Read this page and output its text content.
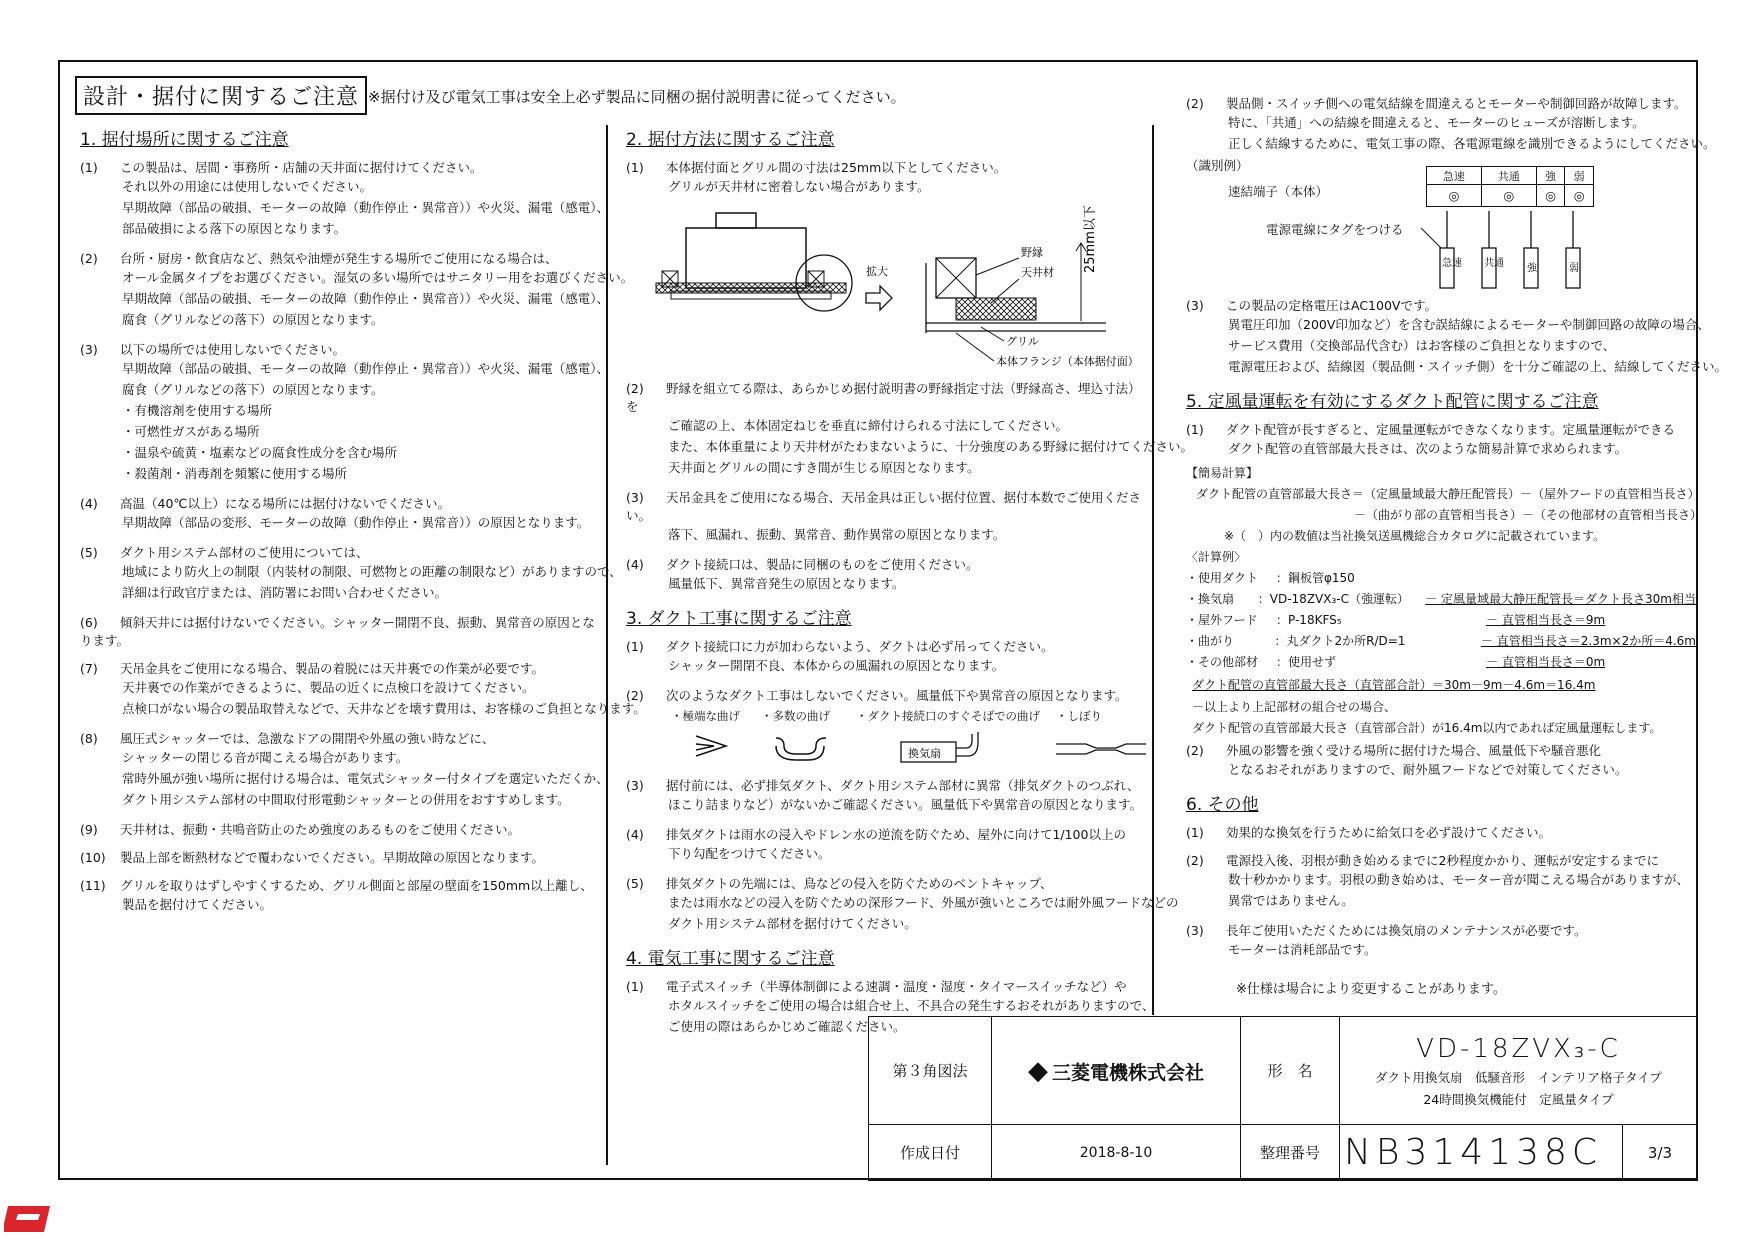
設計・据付に関するご注意 ※据付け及び電気工事は安全上必ず製品に同梱の据付説明書に従ってください。
1. 据付場所に関するご注意
(1) この製品は、居間・事務所・店舗の天井面に据付けてください。
それ以外の用途には使用しないでください。
早期故障（部品の破損、モーターの故障（動作停止・異常音））や火災、漏電（感電）、
部品破損による落下の原因となります。
(2) 台所・厨房・飲食店など、熱気や油煙が発生する場所でご使用になる場合は、
オール金属タイプをお選びください。湿気の多い場所ではサニタリー用をお選びください。
早期故障（部品の破損、モーターの故障（動作停止・異常音））や火災、漏電（感電）、
腐食（グリルなどの落下）の原因となります。
(3) 以下の場所では使用しないでください。
早期故障（部品の破損、モーターの故障（動作停止・異常音））や火災、漏電（感電）、
腐食（グリルなどの落下）の原因となります。
・有機溶剤を使用する場所
・可燃性ガスがある場所
・温泉や硫黄・塩素などの腐食性成分を含む場所
・殺菌剤・消毒剤を頻繁に使用する場所
(4) 高温（40℃以上）になる場所には据付けないでください。
早期故障（部品の変形、モーターの故障（動作停止・異常音））の原因となります。
(5) ダクト用システム部材のご使用については、
地域により防火上の制限（内装材の制限、可燃物との距離の制限など）がありますので、
詳細は行政官庁または、消防署にお問い合わせください。
(6) 傾斜天井には据付けないでください。シャッター開閉不良、振動、異常音の原因となります。
(7) 天吊金具をご使用になる場合、製品の着脱には天井裏での作業が必要です。
天井裏での作業ができるように、製品の近くに点検口を設けてください。
点検口がない場合の製品取替えなどで、天井などを壊す費用は、お客様のご負担となります。
(8) 風圧式シャッターでは、急激なドアの開閉や外風の強い時などに、
シャッターの閉じる音が聞こえる場合があります。
常時外風が強い場所に据付ける場合は、電気式シャッター付タイプを選定いただくか、
ダクト用システム部材の中間取付形電動シャッターとの併用をおすすめします。
(9) 天井材は、振動・共鳴音防止のため強度のあるものをご使用ください。
(10) 製品上部を断熱材などで覆わないでください。早期故障の原因となります。
(11) グリルを取りはずしやすくするため、グリル側面と部屋の壁面を150mm以上離し、
製品を据付けてください。
2. 据付方法に関するご注意
(1) 本体据付面とグリル間の寸法は25mm以下としてください。
グリルが天井材に密着しない場合があります。
拡大	25mm以下
野縁
天井材
グリル
本体フランジ（本体据付面）
(2) 野縁を組立てる際は、あらかじめ据付説明書の野縁指定寸法（野縁高さ、埋込寸法）を
ご確認の上、本体固定ねじを垂直に締付けられる寸法にしてください。
また、本体重量により天井材がたわまないように、十分強度のある野縁に据付けてください。
天井面とグリルの間にすき間が生じる原因となります。
(3) 天吊金具をご使用になる場合、天吊金具は正しい据付位置、据付本数でご使用ください。
落下、風漏れ、振動、異常音、動作異常の原因となります。
(4) ダクト接続口は、製品に同梱のものをご使用ください。
風量低下、異常音発生の原因となります。
3. ダクト工事に関するご注意
(1) ダクト接続口に力が加わらないよう、ダクトは必ず吊ってください。
シャッター開閉不良、本体からの風漏れの原因となります。
(2) 次のようなダクト工事はしないでください。風量低下や異常音の原因となります。
・極端な曲げ ・多数の曲げ ・ダクト接続口のすぐそばでの曲げ ・しぼり
換気扇
(3) 据付前には、必ず排気ダクト、ダクト用システム部材に異常（排気ダクトのつぶれ、
ほこり詰まりなど）がないかご確認ください。風量低下や異常音の原因となります。
(4) 排気ダクトは雨水の浸入やドレン水の逆流を防ぐため、屋外に向けて1/100以上の
下り勾配をつけてください。
(5) 排気ダクトの先端には、鳥などの侵入を防ぐためのベントキャップ、
または雨水などの浸入を防ぐための深形フード、外風が強いところでは耐外風フードなどの
ダクト用システム部材を据付けてください。
4. 電気工事に関するご注意
(1) 電子式スイッチ（半導体制御による速調・温度・湿度・タイマースイッチなど）や
ホタルスイッチをご使用の場合は組合せ上、不具合の発生するおそれがありますので、
ご使用の際はあらかじめご確認ください。
(2) 製品側・スイッチ側への電気結線を間違えるとモーターや制御回路が故障します。
特に、「共通」への結線を間違えると、モーターのヒューズが溶断します。
正しく結線するために、電気工事の際、各電源電線を識別できるようにしてください。
（識別例）
速結端子（本体）
急速	共通	強	弱
◎	◎	◎	◎
電源電線にタグをつける
急速 共通 強	弱
(3) この製品の定格電圧はAC100Vです。
異電圧印加（200V印加など）を含む誤結線によるモーターや制御回路の故障の場合、
サービス費用（交換部品代含む）はお客様のご負担となりますので、
電源電圧および、結線図（製品側・スイッチ側）を十分ご確認の上、結線してください。
5. 定風量運転を有効にするダクト配管に関するご注意
(1) ダクト配管が長すぎると、定風量運転ができなくなります。定風量運転ができる
ダクト配管の直管部最大長さは、次のような簡易計算で求められます。
【簡易計算】
ダクト配管の直管部最大長さ＝（定風量域最大静圧配管長）－（屋外フードの直管相当長さ）
－（曲がり部の直管相当長さ）－（その他部材の直管相当長さ）
※（　）内の数値は当社換気送風機総合カタログに記載されています。
〈計算例〉
・使用ダクト	：鋼板管φ150
・換気扇	：VD-18ZVX₃-C（強運転）	－ 定風量域最大静圧配管長＝ダクト長さ30m相当
・屋外フード	：P-18KFS₅	－ 直管相当長さ＝9m
・曲がり	：丸ダクト2か所R/D=1	－ 直管相当長さ＝2.3m×2か所＝4.6m
・その他部材	：使用せず	－ 直管相当長さ＝0m
ダクト配管の直管部最大長さ（直管部合計）＝30m－9m－4.6m＝16.4m
－以上より上記部材の組合せの場合、
ダクト配管の直管部最大長さ（直管部合計）が16.4m以内であれば定風量運転します。
(2) 外風の影響を強く受ける場所に据付けた場合、風量低下や騒音悪化
となるおそれがありますので、耐外風フードなどで対策してください。
6. その他
(1) 効果的な換気を行うために給気口を必ず設けてください。
(2) 電源投入後、羽根が動き始めるまでに2秒程度かかり、運転が安定するまでに
数十秒かかります。羽根の動き始めは、モーター音が聞こえる場合がありますが、
異常ではありません。
(3) 長年ご使用いただくためには換気扇のメンテナンスが必要です。
モーターは消耗部品です。
※仕様は場合により変更することがあります。
第３角図法	◆ 三菱電機株式会社	形　名	VD-18ZVX₃-C
ダクト用換気扇　低騒音形　インテリア格子タイプ
24時間換気機能付　定風量タイプ	

作成日付	2018-8-10	整理番号	NB314138C	3/3
